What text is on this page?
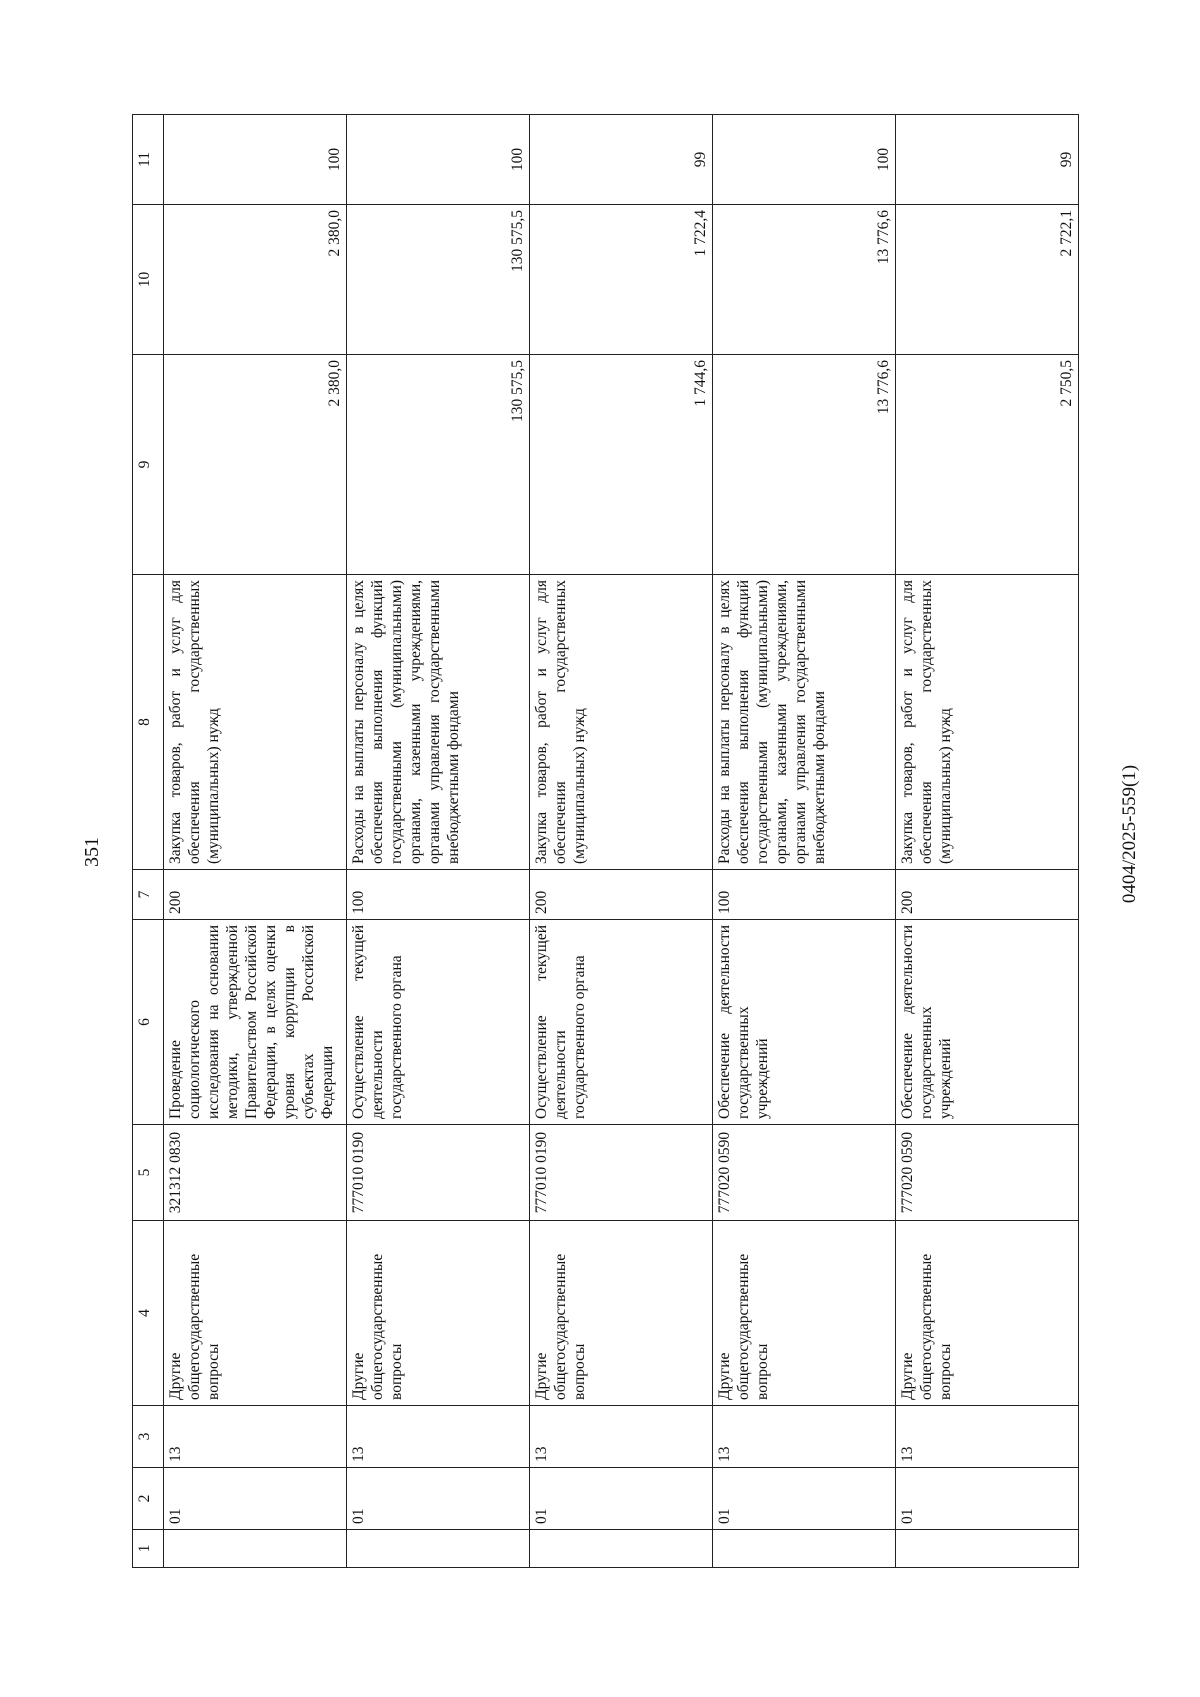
351
1	2	3	4	5	6	7	8	9	10	11
	01	13	Другие общегосударственные вопросы	321312 0830	Проведение социологического исследования на основании методики, утвержденной Правительством Российской Федерации, в целях оценки уровня коррупции в субъектах Российской Федерации	200	Закупка товаров, работ и услуг для обеспечения государственных (муниципальных) нужд	2 380,0	2 380,0	100
	01	13	Другие общегосударственные вопросы	777010 0190	Осуществление текущей деятельности государственного органа	100	Расходы на выплаты персоналу в целях обеспечения выполнения функций государственными (муниципальными) органами, казенными учреждениями, органами управления государственными внебюджетными фондами	130 575,5	130 575,5	100
	01	13	Другие общегосударственные вопросы	777010 0190	Осуществление текущей деятельности государственного органа	200	Закупка товаров, работ и услуг для обеспечения государственных (муниципальных) нужд	1 744,6	1 722,4	99
	01	13	Другие общегосударственные вопросы	777020 0590	Обеспечение деятельности государственных учреждений	100	Расходы на выплаты персоналу в целях обеспечения выполнения функций государственными (муниципальными) органами, казенными учреждениями, органами управления государственными внебюджетными фондами	13 776,6	13 776,6	100
	01	13	Другие общегосударственные вопросы	777020 0590	Обеспечение деятельности государственных учреждений	200	Закупка товаров, работ и услуг для обеспечения государственных (муниципальных) нужд	2 750,5	2 722,1	99
0404/2025-559(1)
